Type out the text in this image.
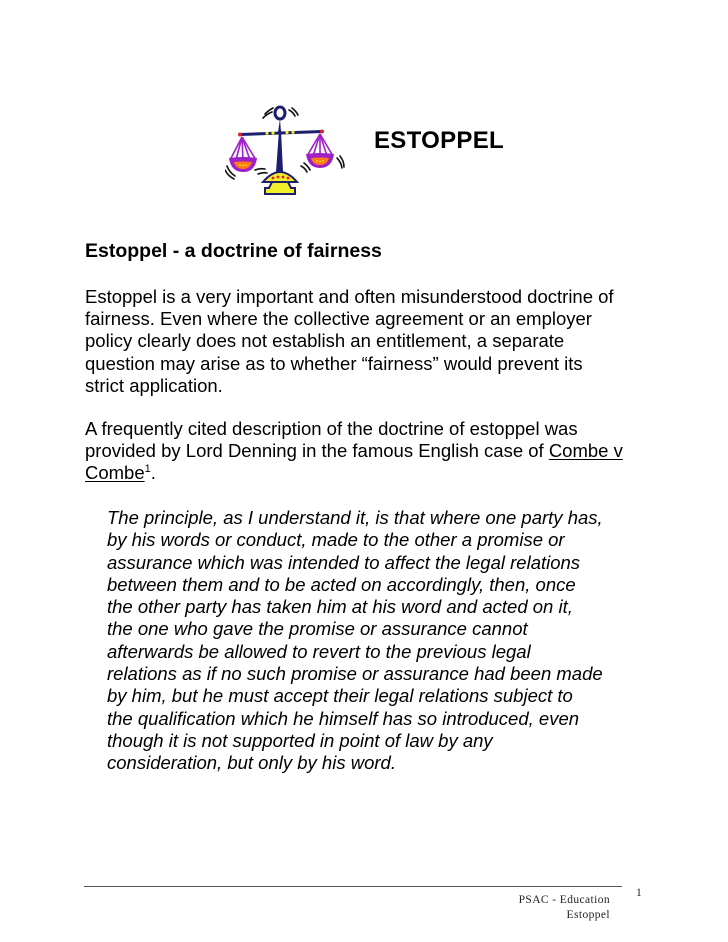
ESTOPPEL
Estoppel - a doctrine of fairness

Estoppel is a very important and often misunderstood doctrine of
fairness. Even where the collective agreement or an employer
policy clearly does not establish an entitlement, a separate
question may arise as to whether “fairness” would prevent its
strict application.

A frequently cited description of the doctrine of estoppel was
provided by Lord Denning in the famous English case of Combe v
Combe$^1$.

The principle, as I understand it, is that where one party has,
by his words or conduct, made to the other a promise or
assurance which was intended to affect the legal relations
between them and to be acted on accordingly, then, once
the other party has taken him at his word and acted on it,
the one who gave the promise or assurance cannot
afterwards be allowed to revert to the previous legal
relations as if no such promise or assurance had been made
by him, but he must accept their legal relations subject to
the qualification which he himself has so introduced, even
though it is not supported in point of law by any
consideration, but only by his word.
PSAC - Education
Estoppel
1
